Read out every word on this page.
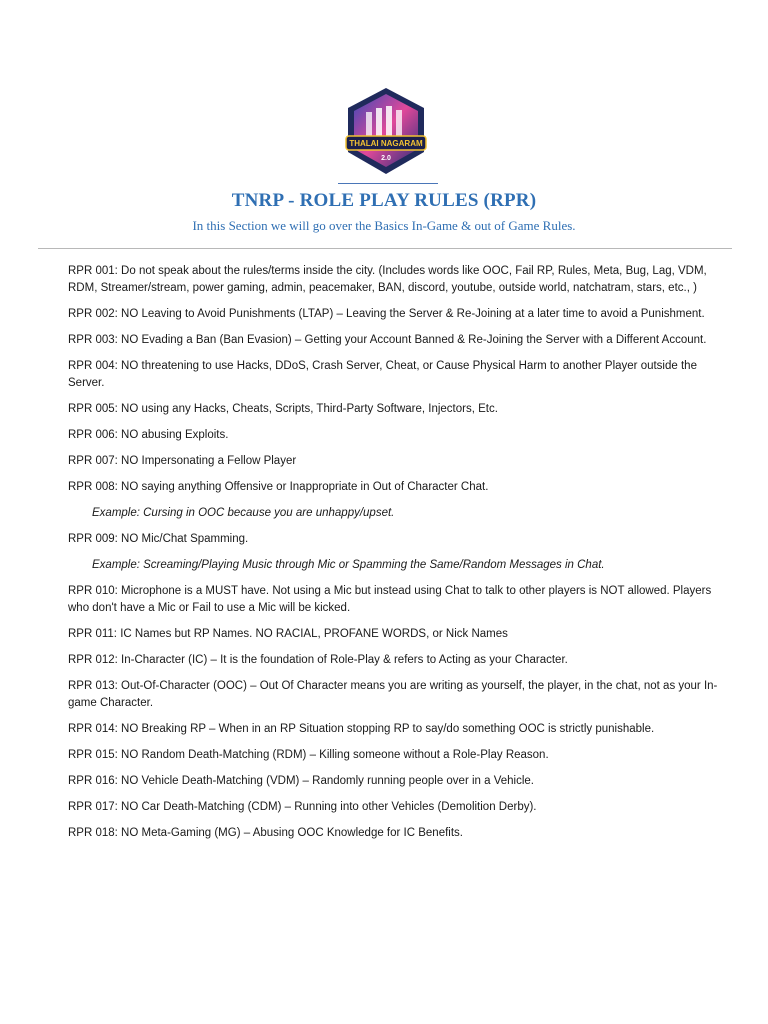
THALAI NAGARAM
2.0
TNRP - ROLE PLAY RULES (RPR)
In this Section we will go over the Basics In-Game & out of Game Rules.

RPR 001: Do not speak about the rules/terms inside the city. (Includes words like OOC, Fail RP, Rules, Meta, Bug, Lag, VDM, RDM, Streamer/stream, power gaming, admin, peacemaker, BAN, discord, youtube, outside world, natchatram, stars, etc., )

RPR 002: NO Leaving to Avoid Punishments (LTAP) – Leaving the Server & Re-Joining at a later time to avoid a Punishment.

RPR 003: NO Evading a Ban (Ban Evasion) – Getting your Account Banned & Re-Joining the Server with a Different Account.

RPR 004: NO threatening to use Hacks, DDoS, Crash Server, Cheat, or Cause Physical Harm to another Player outside the Server.

RPR 005: NO using any Hacks, Cheats, Scripts, Third-Party Software, Injectors, Etc.

RPR 006: NO abusing Exploits.

RPR 007: NO Impersonating a Fellow Player

RPR 008: NO saying anything Offensive or Inappropriate in Out of Character Chat.

Example: Cursing in OOC because you are unhappy/upset.

RPR 009: NO Mic/Chat Spamming.

Example: Screaming/Playing Music through Mic or Spamming the Same/Random Messages in Chat.

RPR 010: Microphone is a MUST have. Not using a Mic but instead using Chat to talk to other players is NOT allowed. Players who don't have a Mic or Fail to use a Mic will be kicked.

RPR 011: IC Names but RP Names. NO RACIAL, PROFANE WORDS, or Nick Names

RPR 012: In-Character (IC) – It is the foundation of Role-Play & refers to Acting as your Character.

RPR 013: Out-Of-Character (OOC) – Out Of Character means you are writing as yourself, the player, in the chat, not as your In-game Character.

RPR 014: NO Breaking RP – When in an RP Situation stopping RP to say/do something OOC is strictly punishable.

RPR 015: NO Random Death-Matching (RDM) – Killing someone without a Role-Play Reason.

RPR 016: NO Vehicle Death-Matching (VDM) – Randomly running people over in a Vehicle.

RPR 017: NO Car Death-Matching (CDM) – Running into other Vehicles (Demolition Derby).

RPR 018: NO Meta-Gaming (MG) – Abusing OOC Knowledge for IC Benefits.
